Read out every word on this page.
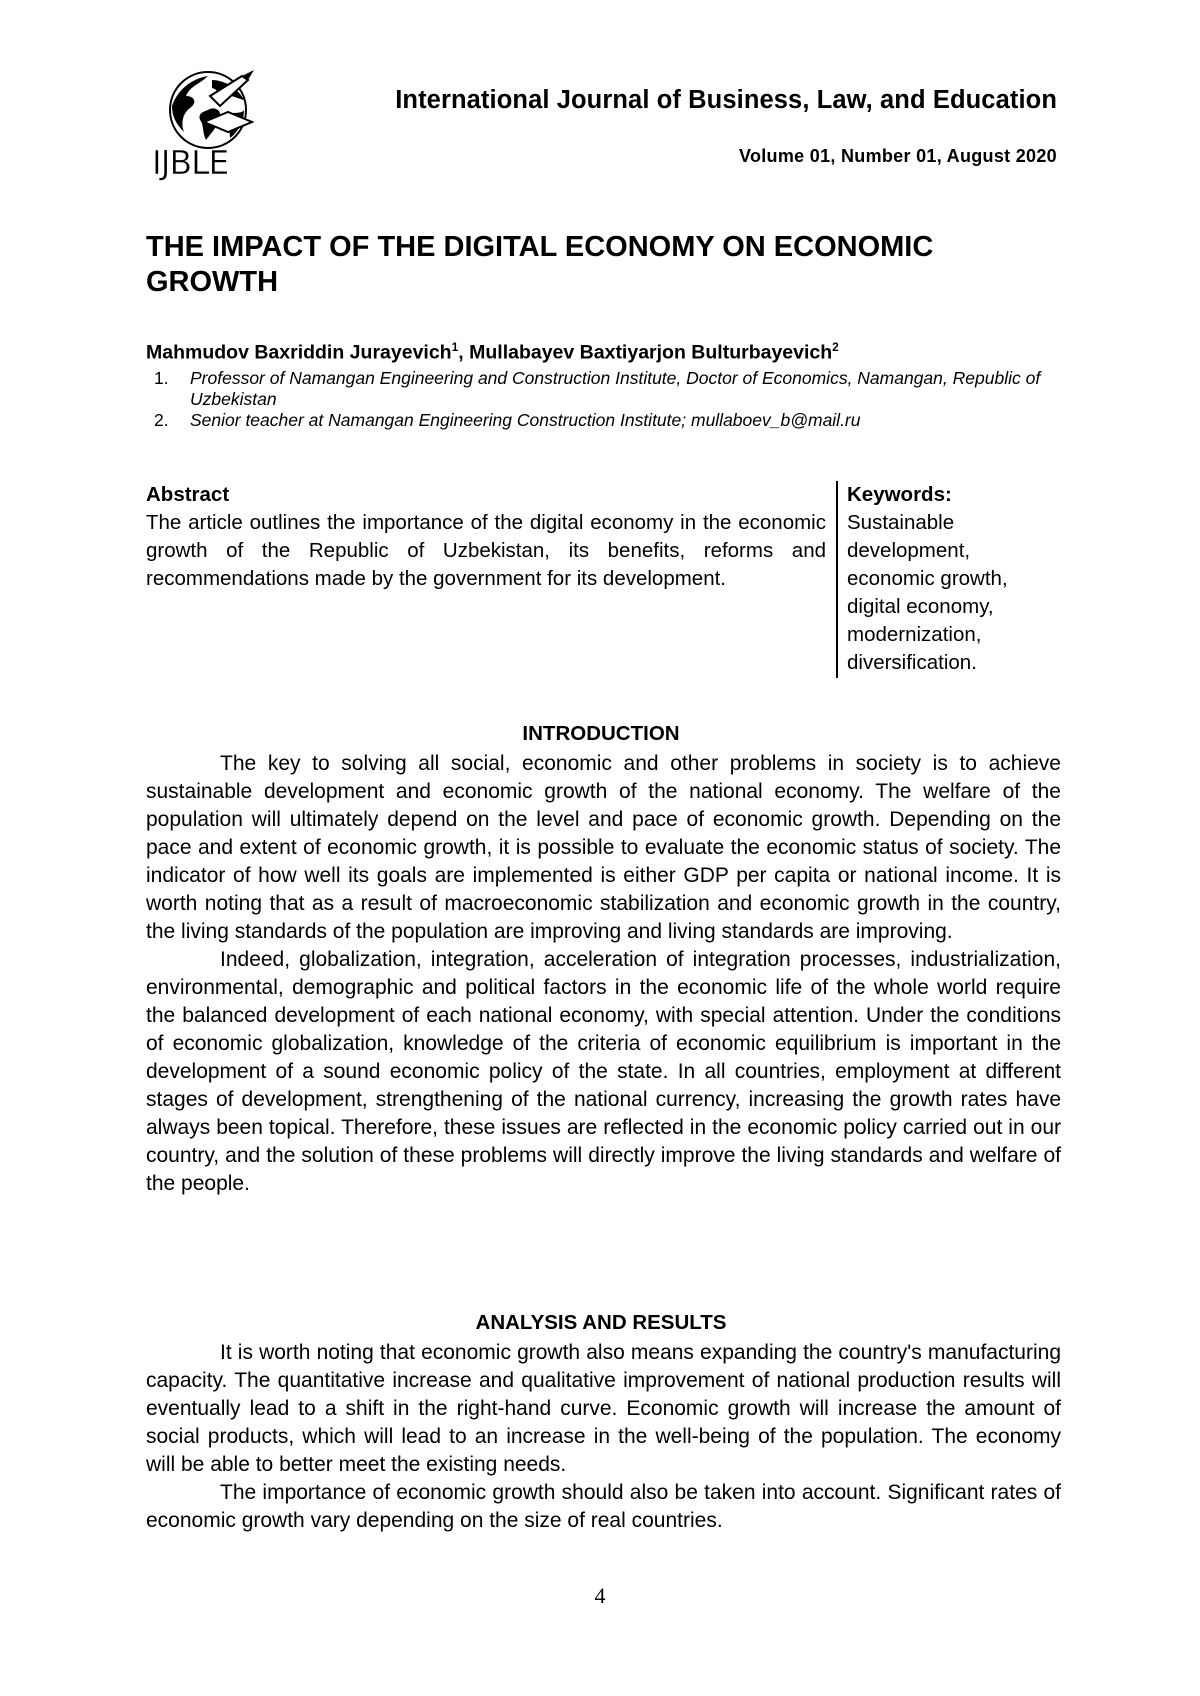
IJBLE
International Journal of Business, Law, and Education
Volume 01, Number 01, August 2020
THE IMPACT OF THE DIGITAL ECONOMY ON ECONOMIC GROWTH

Mahmudov Baxriddin Jurayevich$^1$, Mullabayev Baxtiyarjon Bulturbayevich$^2$

1. Professor of Namangan Engineering and Construction Institute, Doctor of Economics, Namangan, Republic of Uzbekistan
2. Senior teacher at Namangan Engineering Construction Institute; mullaboev_b@mail.ru
Abstract
The article outlines the importance of the digital economy in the economic growth of the Republic of Uzbekistan, its benefits, reforms and recommendations made by the government for its development.
Keywords:
Sustainable development,
economic growth,
digital economy,
modernization,
diversification.
INTRODUCTION

The key to solving all social, economic and other problems in society is to achieve sustainable development and economic growth of the national economy. The welfare of the population will ultimately depend on the level and pace of economic growth. Depending on the pace and extent of economic growth, it is possible to evaluate the economic status of society. The indicator of how well its goals are implemented is either GDP per capita or national income. It is worth noting that as a result of macroeconomic stabilization and economic growth in the country, the living standards of the population are improving and living standards are improving.

Indeed, globalization, integration, acceleration of integration processes, industrialization, environmental, demographic and political factors in the economic life of the whole world require the balanced development of each national economy, with special attention. Under the conditions of economic globalization, knowledge of the criteria of economic equilibrium is important in the development of a sound economic policy of the state. In all countries, employment at different stages of development, strengthening of the national currency, increasing the growth rates have always been topical. Therefore, these issues are reflected in the economic policy carried out in our country, and the solution of these problems will directly improve the living standards and welfare of the people.

ANALYSIS AND RESULTS

It is worth noting that economic growth also means expanding the country's manufacturing capacity. The quantitative increase and qualitative improvement of national production results will eventually lead to a shift in the right-hand curve. Economic growth will increase the amount of social products, which will lead to an increase in the well-being of the population. The economy will be able to better meet the existing needs.

The importance of economic growth should also be taken into account. Significant rates of economic growth vary depending on the size of real countries.

4
